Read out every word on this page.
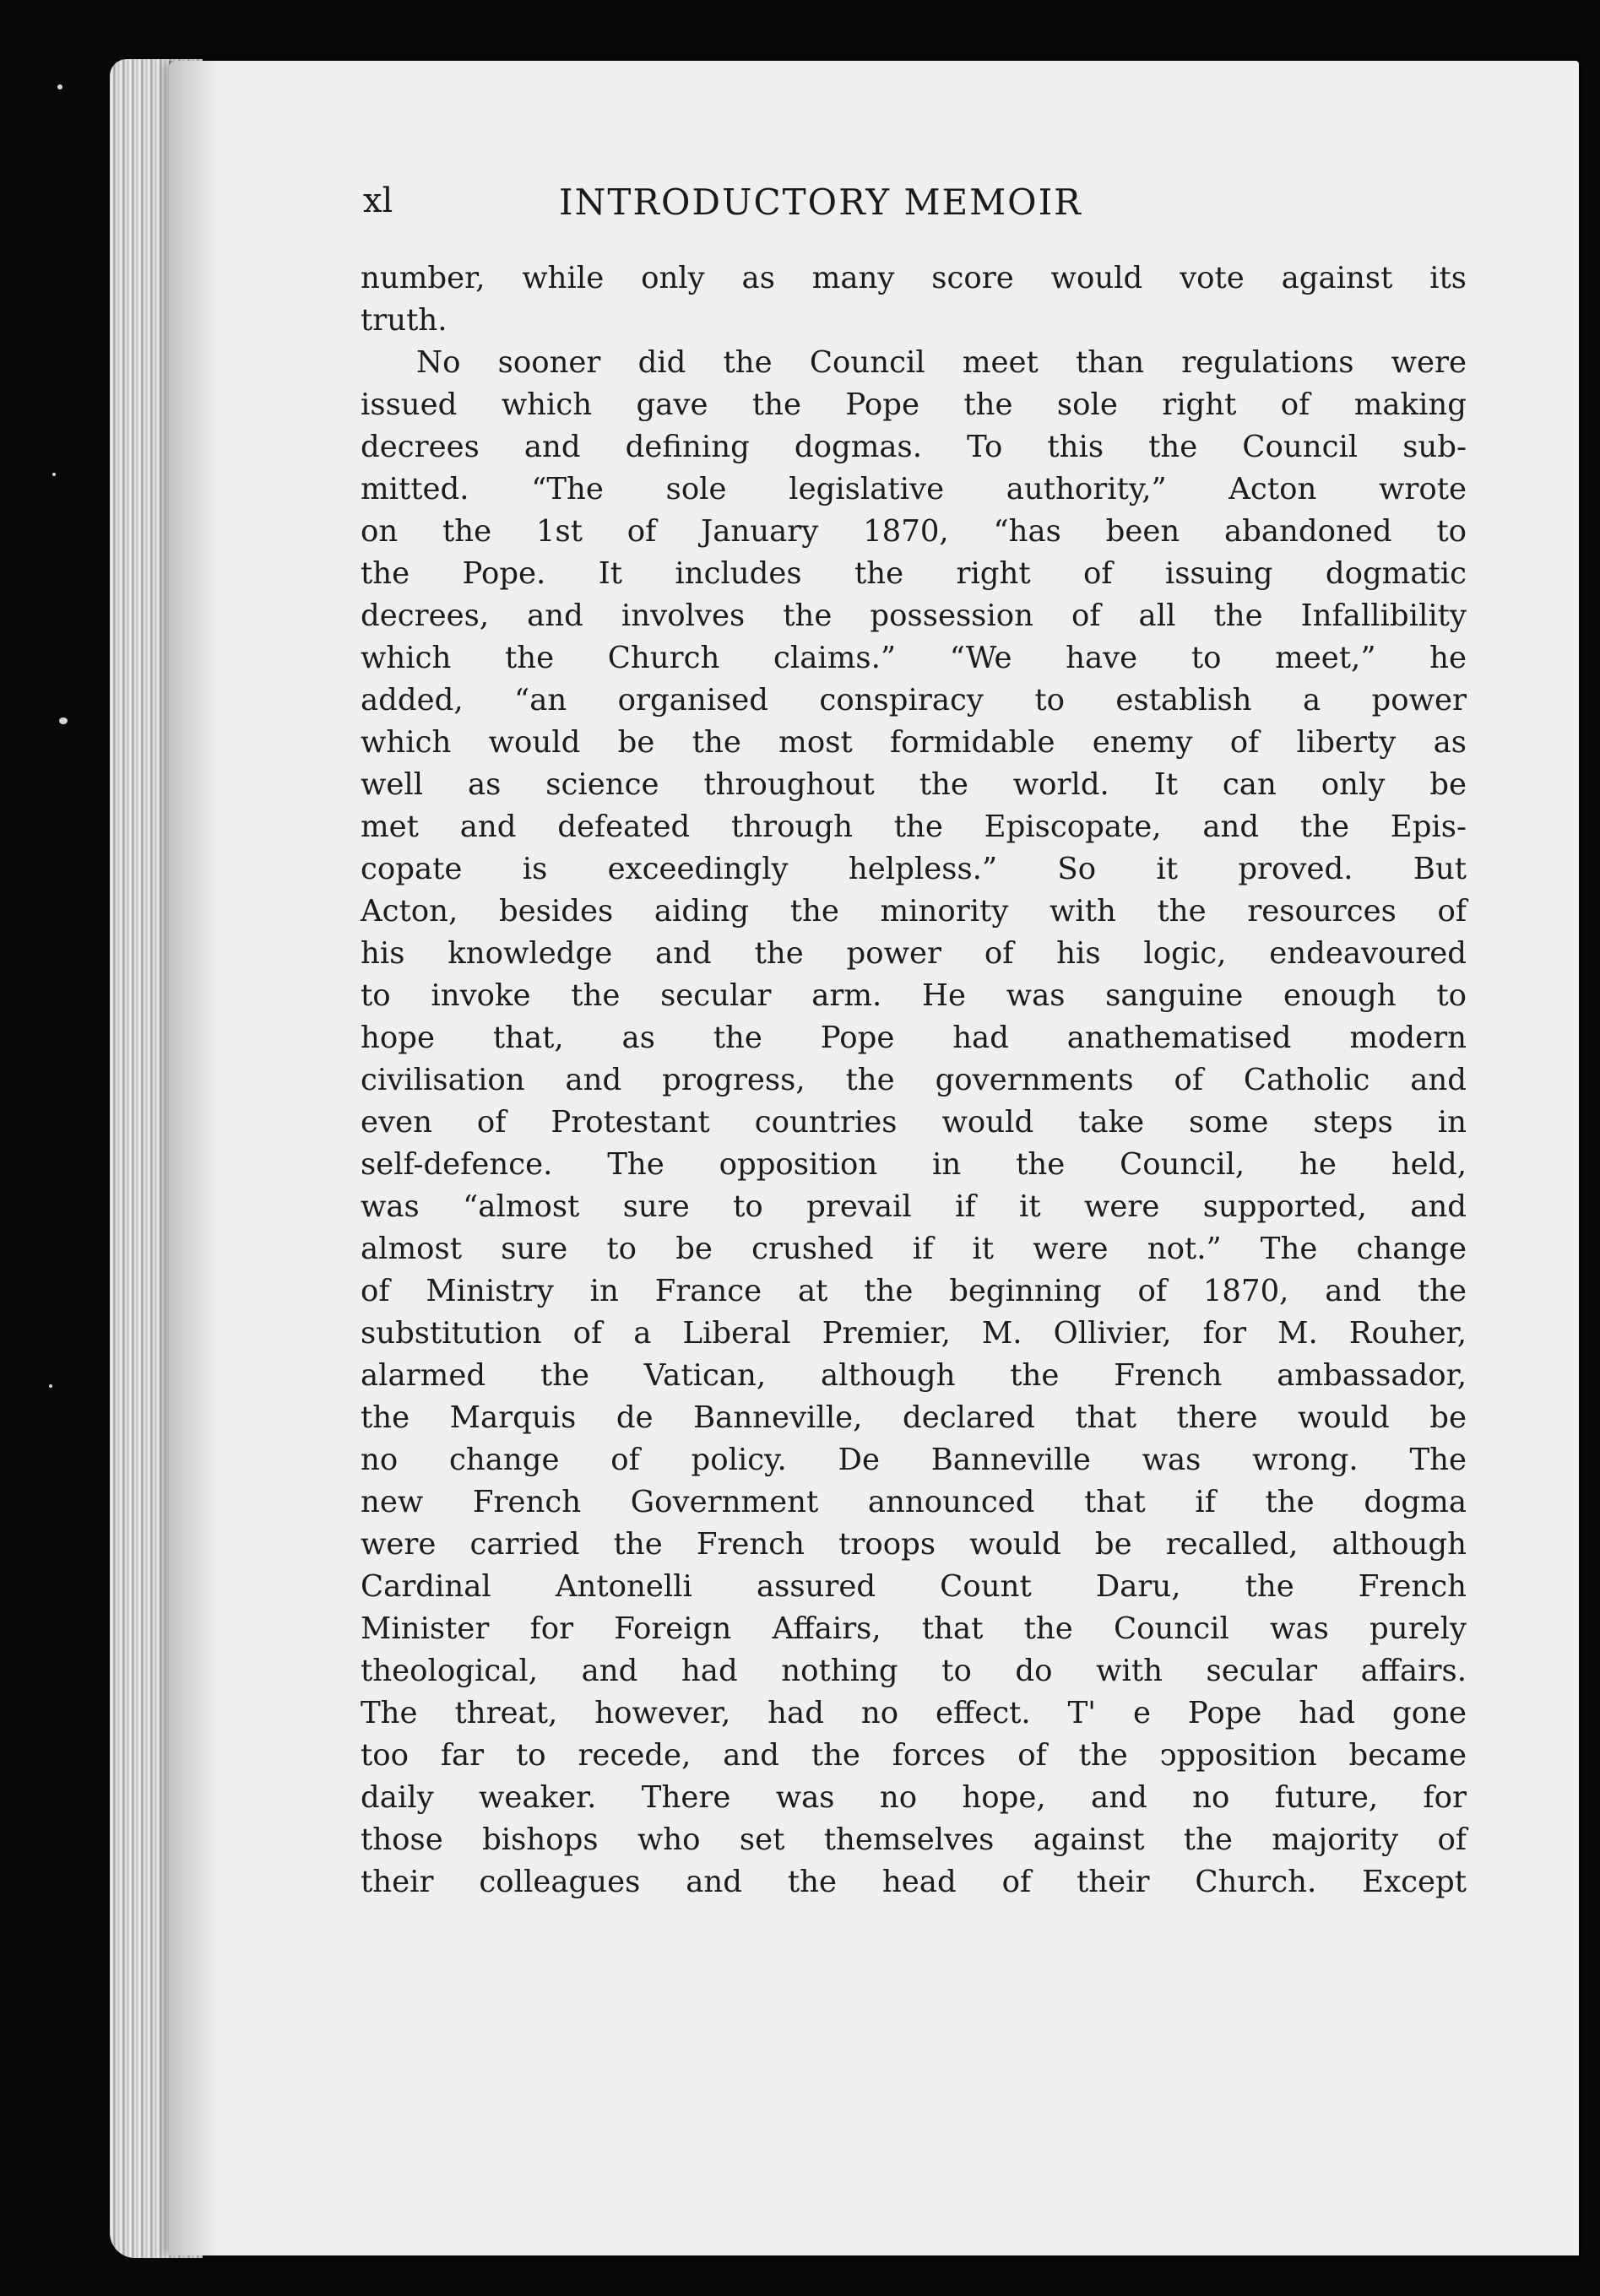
xl	INTRODUCTORY MEMOIR
number, while only as many score would vote against its
truth.
No sooner did the Council meet than regulations were
issued which gave the Pope the sole right of making
decrees and defining dogmas. To this the Council sub-
mitted. “The sole legislative authority,” Acton wrote
on the 1st of January 1870, “has been abandoned to
the Pope. It includes the right of issuing dogmatic
decrees, and involves the possession of all the Infallibility
which the Church claims.” “We have to meet,” he
added, “an organised conspiracy to establish a power
which would be the most formidable enemy of liberty as
well as science throughout the world. It can only be
met and defeated through the Episcopate, and the Epis-
copate is exceedingly helpless.” So it proved. But
Acton, besides aiding the minority with the resources of
his knowledge and the power of his logic, endeavoured
to invoke the secular arm. He was sanguine enough to
hope that, as the Pope had anathematised modern
civilisation and progress, the governments of Catholic and
even of Protestant countries would take some steps in
self-defence. The opposition in the Council, he held,
was “almost sure to prevail if it were supported, and
almost sure to be crushed if it were not.” The change
of Ministry in France at the beginning of 1870, and the
substitution of a Liberal Premier, M. Ollivier, for M. Rouher,
alarmed the Vatican, although the French ambassador,
the Marquis de Banneville, declared that there would be
no change of policy. De Banneville was wrong. The
new French Government announced that if the dogma
were carried the French troops would be recalled, although
Cardinal Antonelli assured Count Daru, the French
Minister for Foreign Affairs, that the Council was purely
theological, and had nothing to do with secular affairs.
The threat, however, had no effect. T' e Pope had gone
too far to recede, and the forces of the ͻpposition became
daily weaker. There was no hope, and no future, for
those bishops who set themselves against the majority of
their colleagues and the head of their Church. Except
